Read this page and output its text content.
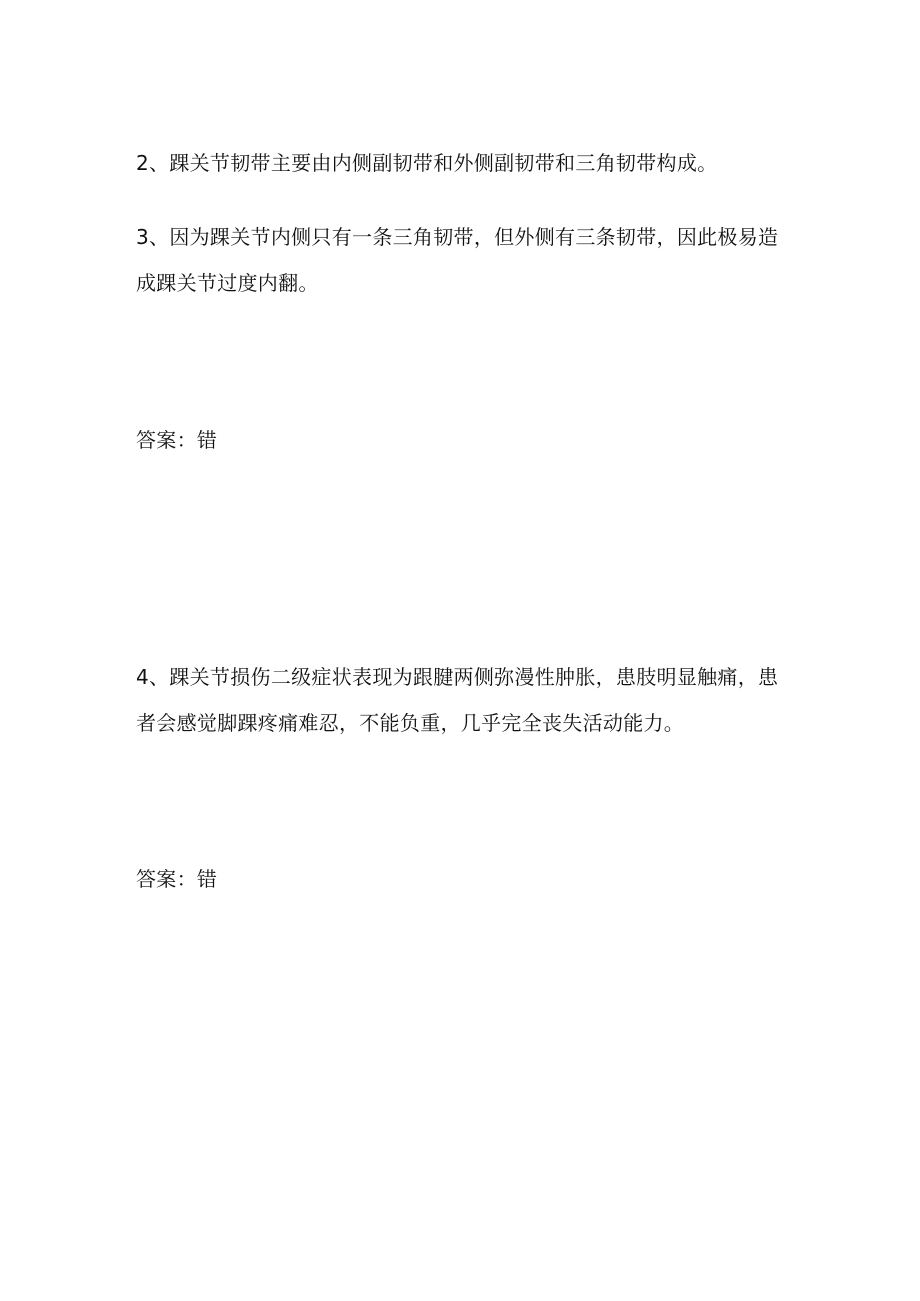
2、踝关节韧带主要由内侧副韧带和外侧副韧带和三角韧带构成。

3、因为踝关节内侧只有一条三角韧带，但外侧有三条韧带，因此极易造
成踝关节过度内翻。

答案：错

4、踝关节损伤二级症状表现为跟腱两侧弥漫性肿胀，患肢明显触痛，患
者会感觉脚踝疼痛难忍，不能负重，几乎完全丧失活动能力。

答案：错
